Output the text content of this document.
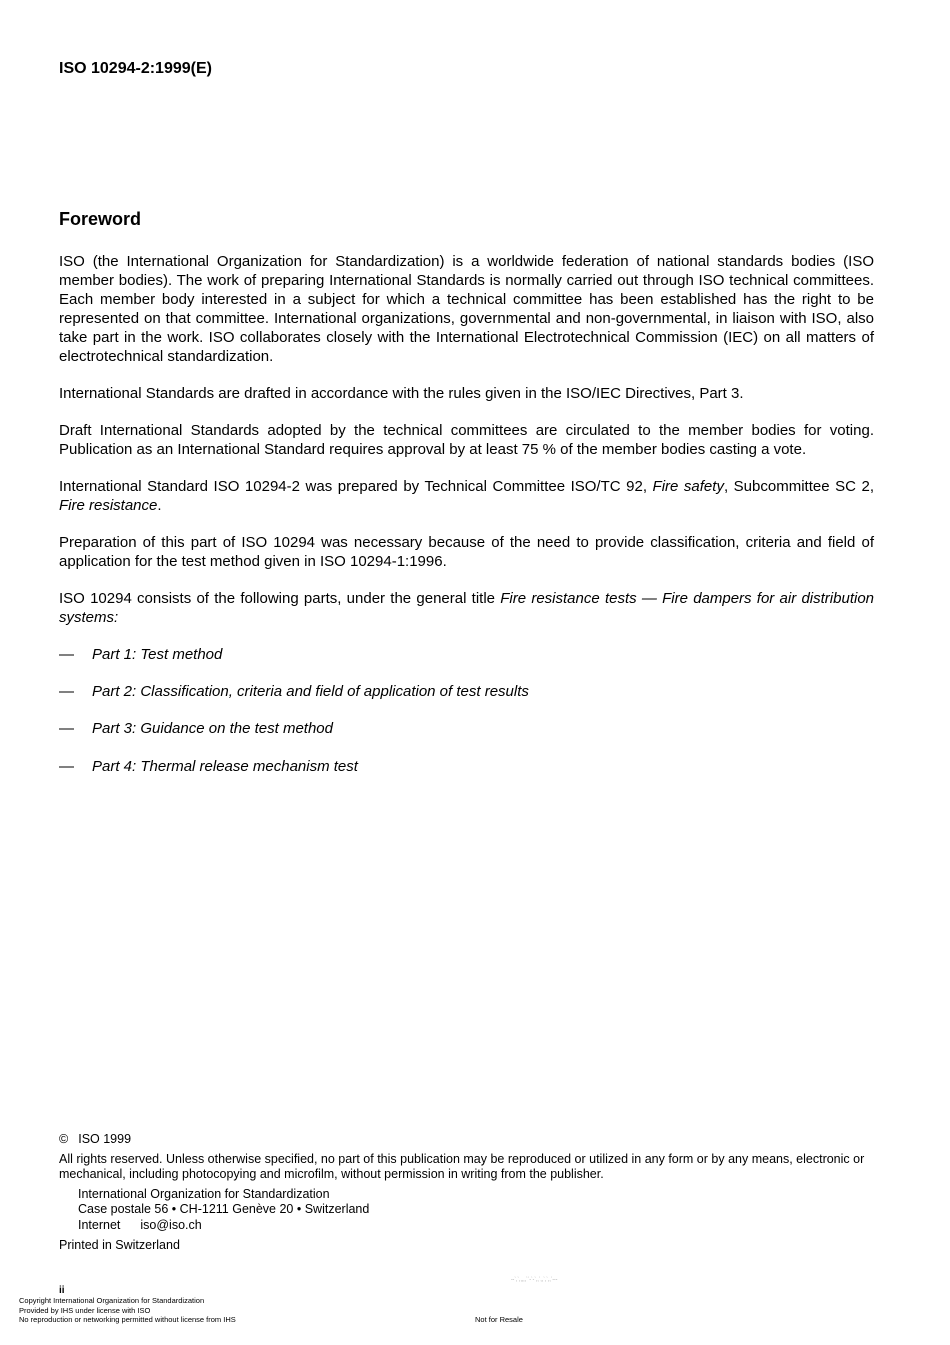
ISO 10294-2:1999(E)
Foreword
ISO (the International Organization for Standardization) is a worldwide federation of national standards bodies (ISO member bodies). The work of preparing International Standards is normally carried out through ISO technical committees. Each member body interested in a subject for which a technical committee has been established has the right to be represented on that committee. International organizations, governmental and non-governmental, in liaison with ISO, also take part in the work. ISO collaborates closely with the International Electrotechnical Commission (IEC) on all matters of electrotechnical standardization.
International Standards are drafted in accordance with the rules given in the ISO/IEC Directives, Part 3.
Draft International Standards adopted by the technical committees are circulated to the member bodies for voting. Publication as an International Standard requires approval by at least 75 % of the member bodies casting a vote.
International Standard ISO 10294-2 was prepared by Technical Committee ISO/TC 92, Fire safety, Subcommittee SC 2, Fire resistance.
Preparation of this part of ISO 10294 was necessary because of the need to provide classification, criteria and field of application for the test method given in ISO 10294-1:1996.
ISO 10294 consists of the following parts, under the general title Fire resistance tests — Fire dampers for air distribution systems:
— Part 1: Test method
— Part 2: Classification, criteria and field of application of test results
— Part 3: Guidance on the test method
— Part 4: Thermal release mechanism test
© ISO 1999
All rights reserved. Unless otherwise specified, no part of this publication may be reproduced or utilized in any form or by any means, electronic or mechanical, including photocopying and microfilm, without permission in writing from the publisher.
International Organization for Standardization
Case postale 56 • CH-1211 Genève 20 • Switzerland
Internet iso@iso.ch
Printed in Switzerland
--`,`,,,,,``-`-`,,`,,`,`,,`---
ii
Copyright International Organization for Standardization
Provided by IHS under license with ISO
No reproduction or networking permitted without license from IHS	Not for Resale
